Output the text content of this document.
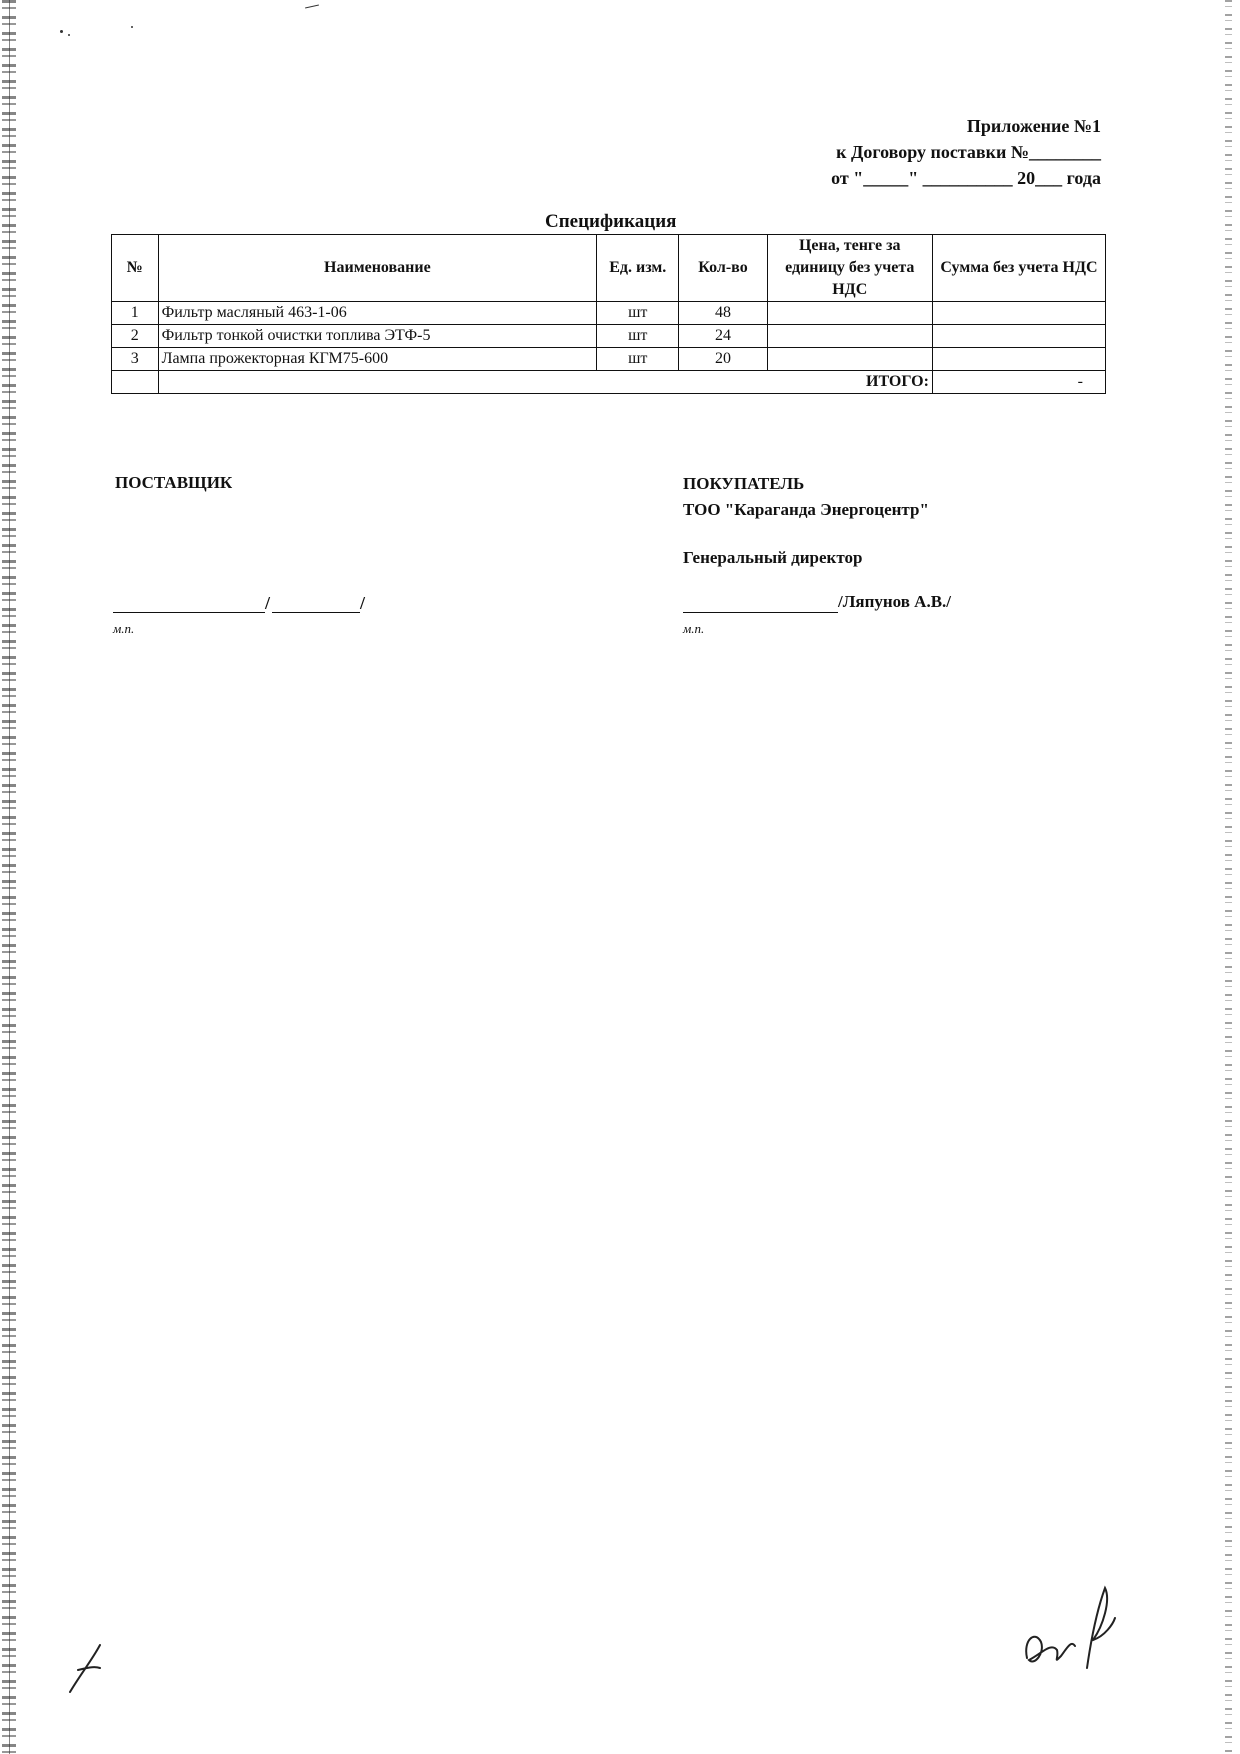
Приложение №1
к Договору поставки №________
от "_____" __________ 20___ года
Спецификация
№	Наименование	Ед. изм.	Кол-во	Цена, тенге за единицу без учета НДС	Сумма без учета НДС
1	Фильтр масляный 463-1-06	шт	48		
2	Фильтр тонкой очистки топлива ЭТФ-5	шт	24		
3	Лампа прожекторная КГМ75-600	шт	20		
	ИТОГО:				-
ПОСТАВЩИК
/	/
м.п.
ПОКУПАТЕЛЬ
ТОО "Караганда Энергоцентр"
Генеральный директор
/Ляпунов А.В./
м.п.
